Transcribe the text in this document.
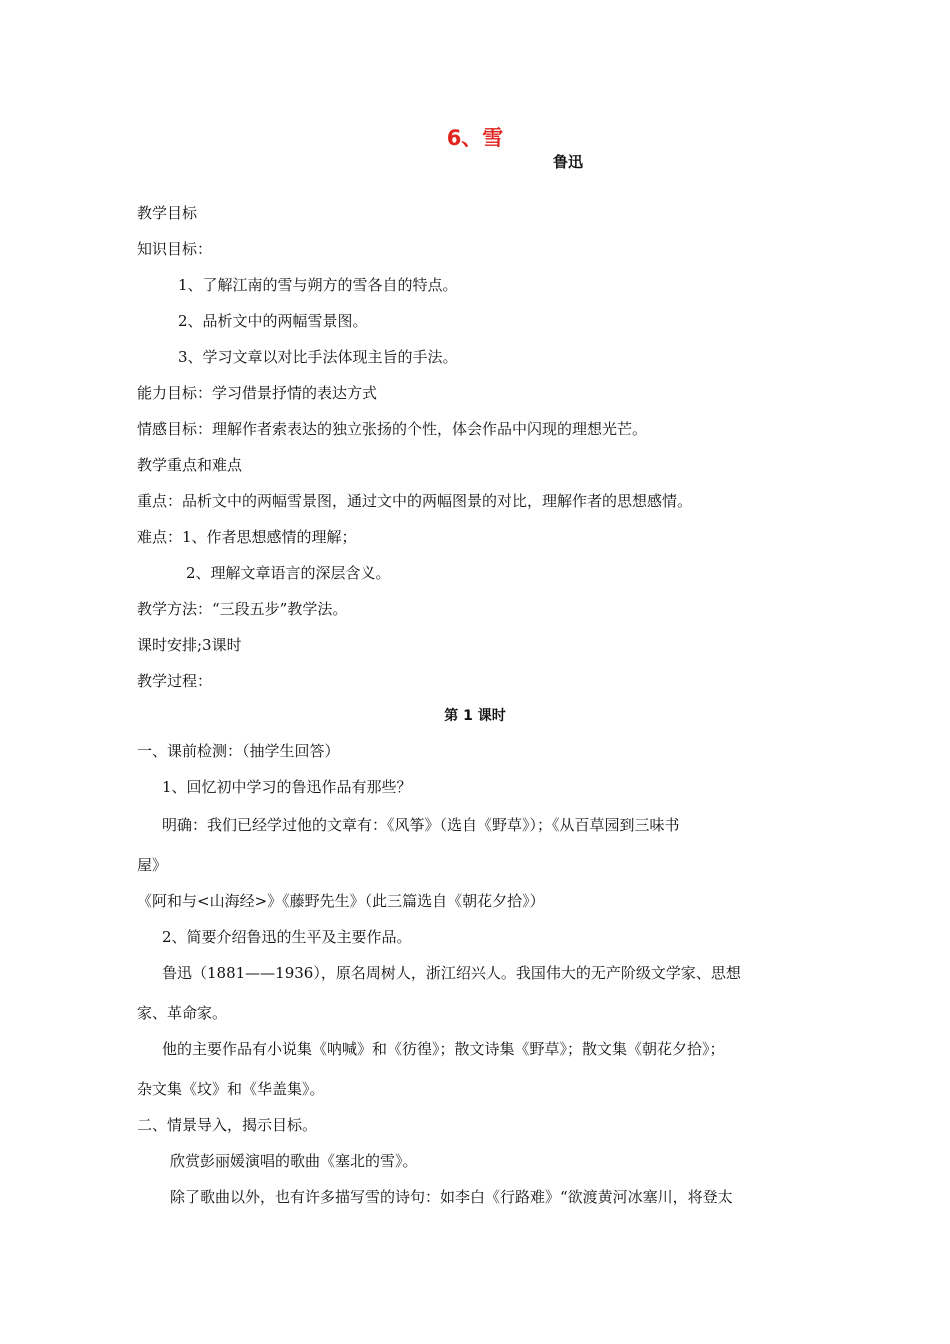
6、雪
鲁迅
教学目标
知识目标：
1、了解江南的雪与朔方的雪各自的特点。
2、品析文中的两幅雪景图。
3、学习文章以对比手法体现主旨的手法。
能力目标：学习借景抒情的表达方式
情感目标：理解作者索表达的独立张扬的个性，体会作品中闪现的理想光芒。
教学重点和难点
重点：品析文中的两幅雪景图，通过文中的两幅图景的对比，理解作者的思想感情。
难点：1、作者思想感情的理解；
2、理解文章语言的深层含义。
教学方法：“三段五步”教学法。
课时安排;3课时
教学过程：
第 1 课时
一、课前检测：（抽学生回答）
1、回忆初中学习的鲁迅作品有那些？
明确：我们已经学过他的文章有：《风筝》（选自《野草》）；《从百草园到三味书
屋》
《阿和与<山海经>》《藤野先生》（此三篇选自《朝花夕拾》）
2、简要介绍鲁迅的生平及主要作品。
鲁迅（1881——1936），原名周树人，浙江绍兴人。我国伟大的无产阶级文学家、思想
家、革命家。
他的主要作品有小说集《呐喊》和《彷徨》；散文诗集《野草》；散文集《朝花夕拾》；
杂文集《坟》和《华盖集》。
二、情景导入，揭示目标。
欣赏彭丽媛演唱的歌曲《塞北的雪》。
除了歌曲以外，也有许多描写雪的诗句：如李白《行路难》“欲渡黄河冰塞川，将登太
